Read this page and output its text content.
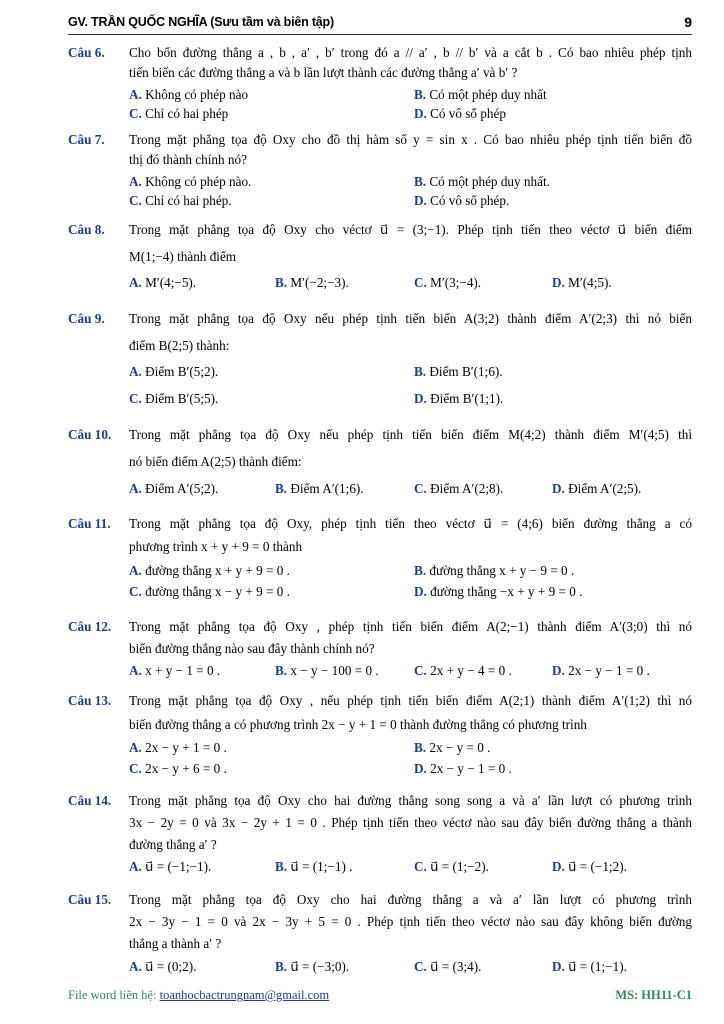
GV. TRẦN QUỐC NGHĨA (Sưu tầm và biên tập)	9
Câu 6. Cho bốn đường thẳng a , b , a′ , b′ trong đó a // a′ , b // b′ và a cắt b . Có bao nhiêu phép tịnh
tiến biến các đường thẳng a và b lần lượt thành các đường thẳng a′ và b′ ?
A. Không có phép nào	B. Có một phép duy nhất
C. Chỉ có hai phép	D. Có vô số phép
Câu 7. Trong mặt phẳng tọa độ Oxy cho đồ thị hàm số y = sin x . Có bao nhiêu phép tịnh tiến biến đồ
thị đó thành chính nó?
A. Không có phép nào.	B. Có một phép duy nhất.
C. Chỉ có hai phép.	D. Có vô số phép.
Câu 8. Trong mặt phẳng tọa độ Oxy cho véctơ u⃗ = (3;−1). Phép tịnh tiến theo véctơ u⃗ biến điểm
M(1;−4) thành điểm
A. M′(4;−5).	B. M′(−2;−3).	C. M′(3;−4).	D. M′(4;5).
Câu 9. Trong mặt phẳng tọa độ Oxy nếu phép tịnh tiến biến A(3;2) thành điểm A′(2;3) thì nó biến
điểm B(2;5) thành:
A. Điểm B′(5;2).	B. Điểm B′(1;6).
C. Điểm B′(5;5).	D. Điểm B′(1;1).
Câu 10. Trong mặt phẳng tọa độ Oxy nếu phép tịnh tiến biến điểm M(4;2) thành điểm M′(4;5) thì
nó biến điểm A(2;5) thành điểm:
A. Điểm A′(5;2).	B. Điểm A′(1;6).	C. Điểm A′(2;8).	D. Điểm A′(2;5).
Câu 11. Trong mặt phẳng tọa độ Oxy, phép tịnh tiến theo véctơ u⃗ = (4;6) biến đường thẳng a có
phương trình x + y + 9 = 0 thành
A. đường thẳng x + y + 9 = 0 .	B. đường thẳng x + y − 9 = 0 .
C. đường thẳng x − y + 9 = 0 .	D. đường thẳng −x + y + 9 = 0 .
Câu 12. Trong mặt phẳng tọa độ Oxy , phép tịnh tiến biến điểm A(2;−1) thành điểm A′(3;0) thì nó
biến đường thẳng nào sau đây thành chính nó?
A. x + y − 1 = 0 .	B. x − y − 100 = 0 .	C. 2x + y − 4 = 0 .	D. 2x − y − 1 = 0 .
Câu 13. Trong mặt phẳng tọa độ Oxy , nếu phép tịnh tiến biến điểm A(2;1) thành điểm A′(1;2) thì nó
biến đường thẳng a có phương trình 2x − y + 1 = 0 thành đường thẳng có phương trình
A. 2x − y + 1 = 0 .	B. 2x − y = 0 .
C. 2x − y + 6 = 0 .	D. 2x − y − 1 = 0 .
Câu 14. Trong mặt phẳng tọa độ Oxy cho hai đường thẳng song song a và a′ lần lượt có phương trình
3x − 2y = 0 và 3x − 2y + 1 = 0 . Phép tịnh tiến theo véctơ nào sau đây biến đường thẳng a thành
đường thẳng a′ ?
A. u⃗ = (−1;−1).	B. u⃗ = (1;−1) .	C. u⃗ = (1;−2).	D. u⃗ = (−1;2).
Câu 15. Trong mặt phẳng tọa độ Oxy cho hai đường thẳng a và a′ lần lượt có phương trình
2x − 3y − 1 = 0 và 2x − 3y + 5 = 0 . Phép tịnh tiến theo véctơ nào sau đây không biến đường
thẳng a thành a′ ?
A. u⃗ = (0;2).	B. u⃗ = (−3;0).	C. u⃗ = (3;4).	D. u⃗ = (1;−1).
File word liên hệ: toanhocbactrungnam@gmail.com	MS: HH11-C1
